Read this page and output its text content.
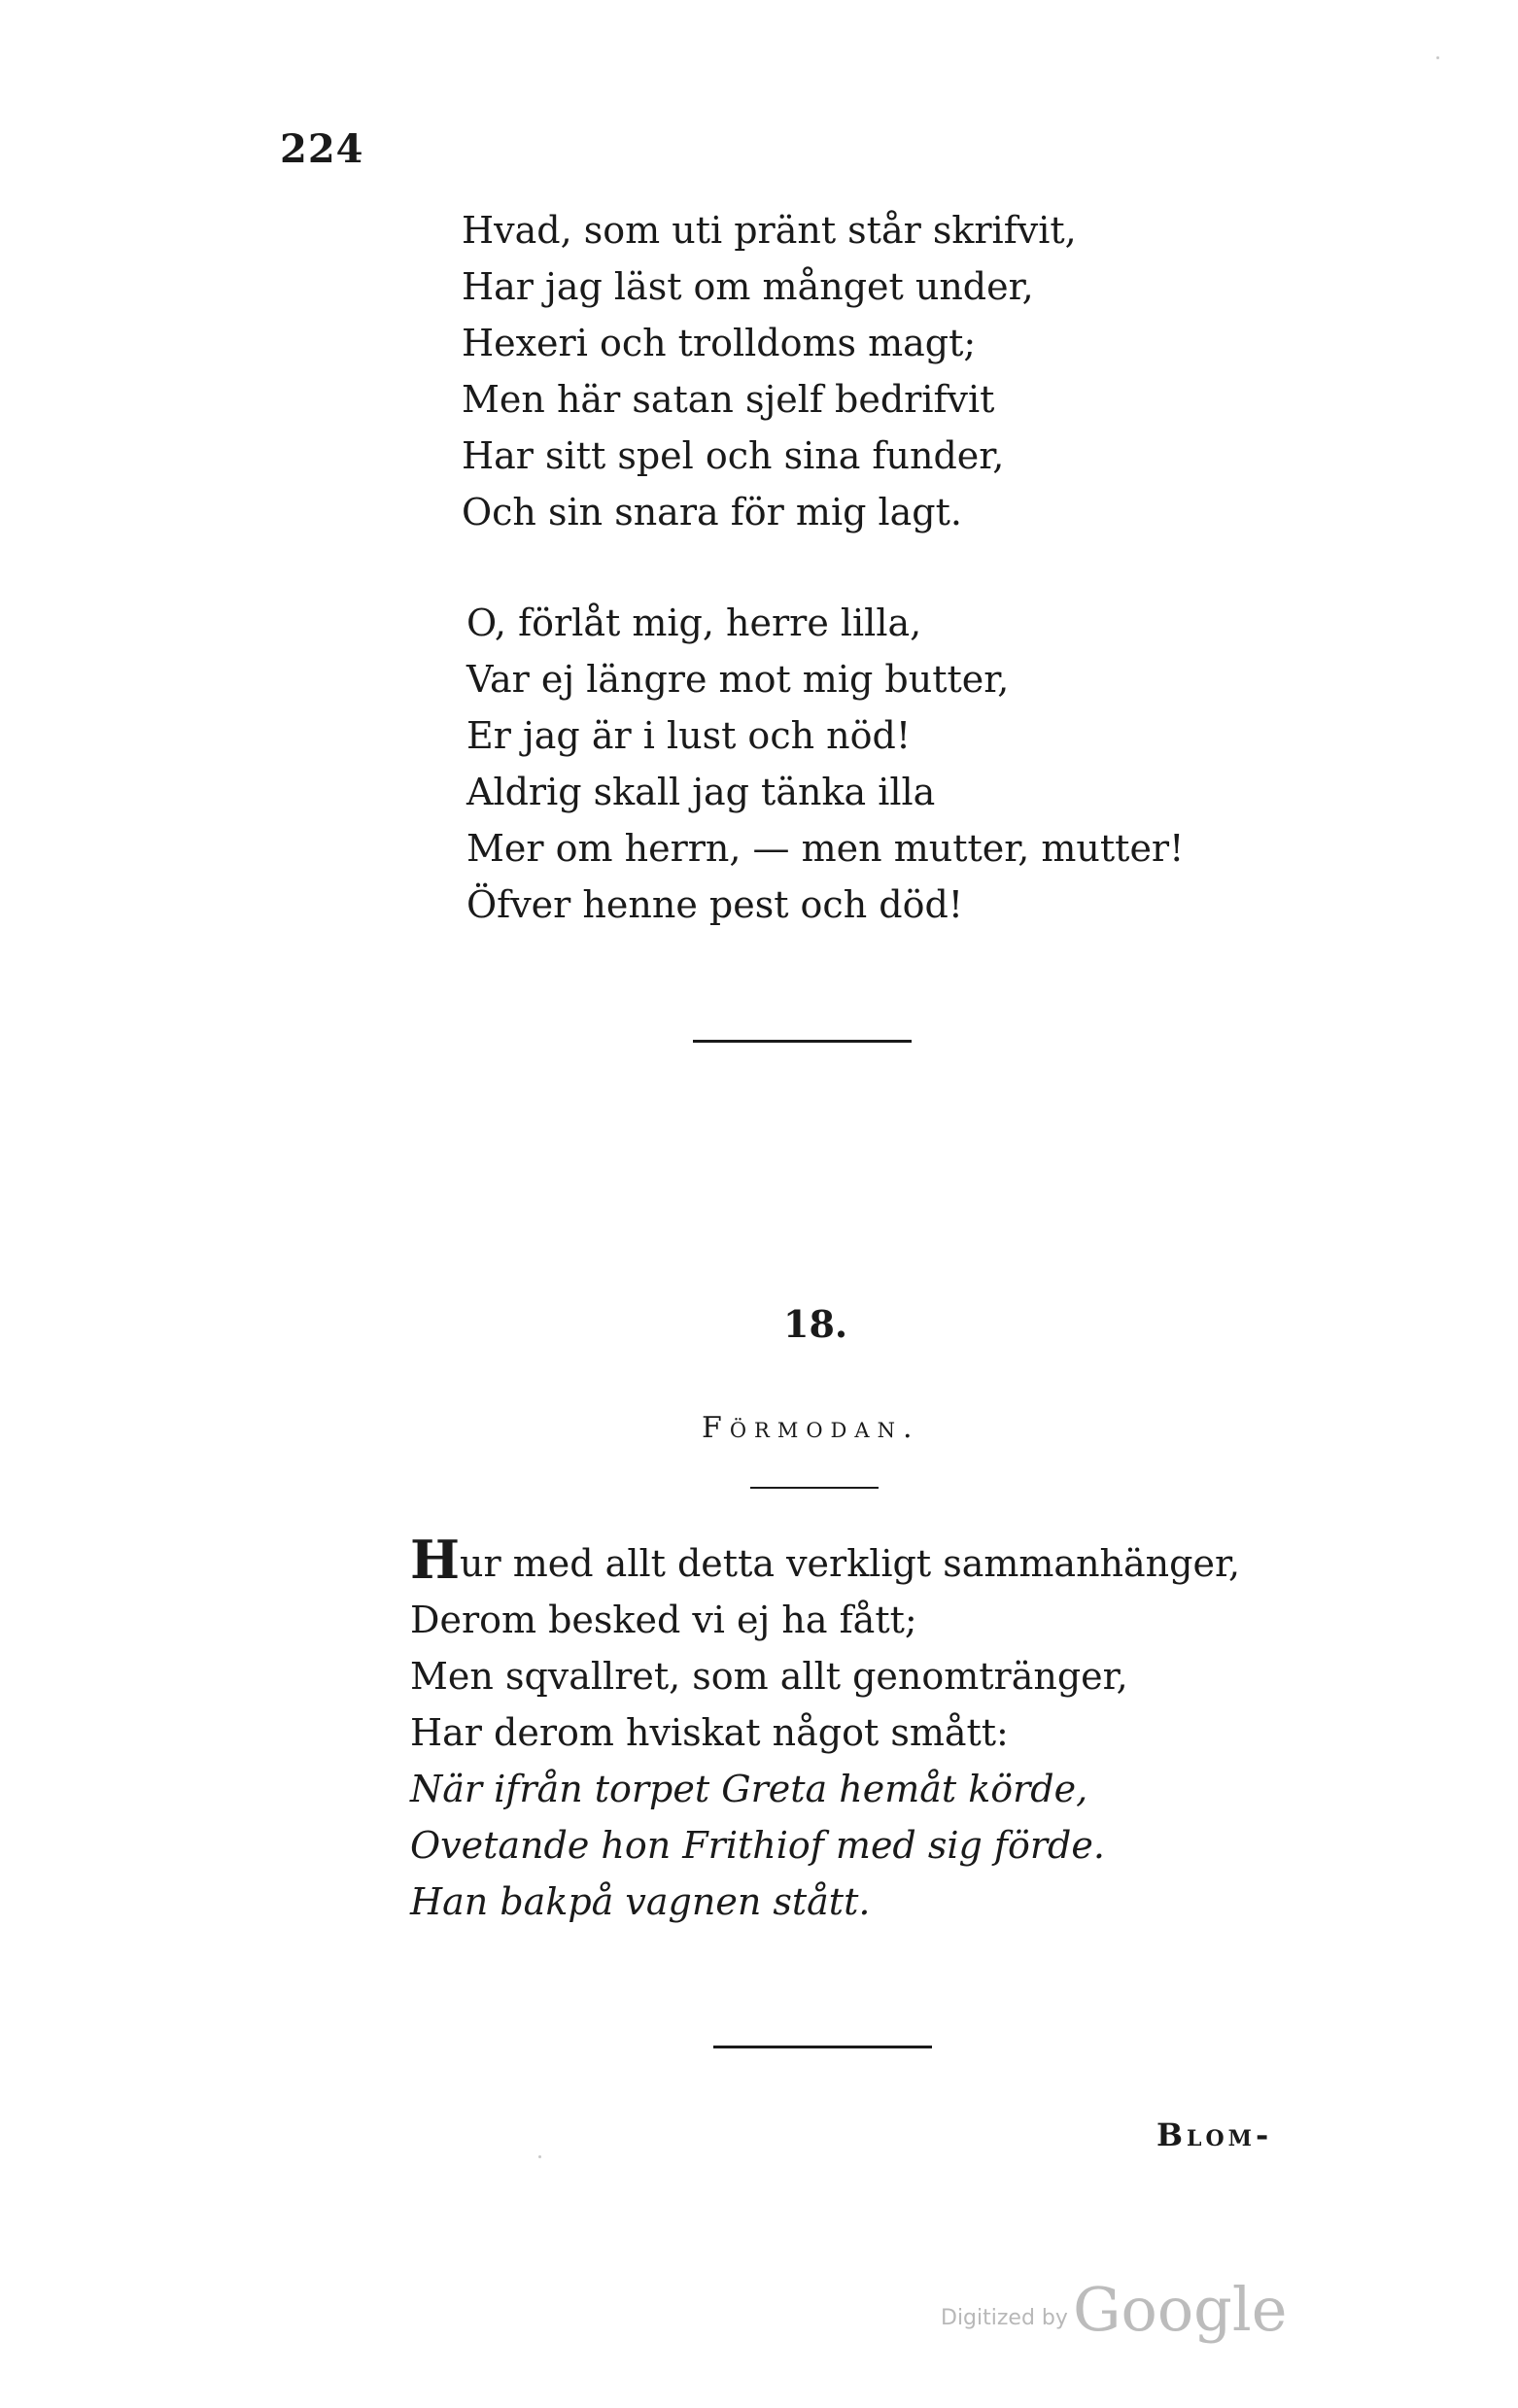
224
Hvad, som uti pränt står skrifvit,
Har jag läst om månget under,
Hexeri och trolldoms magt;
Men här satan sjelf bedrifvit
Har sitt spel och sina funder,
Och sin snara för mig lagt.
O, förlåt mig, herre lilla,
Var ej längre mot mig butter,
Er jag är i lust och nöd!
Aldrig skall jag tänka illa
Mer om herrn, — men mutter, mutter!
Öfver henne pest och död!
18.
Förmodan.
Hur med allt detta verkligt sammanhänger,
Derom besked vi ej ha fått;
Men sqvallret, som allt genomtränger,
Har derom hviskat något smått:
När ifrån torpet Greta hemåt körde,
Ovetande hon Frithiof med sig förde.
Han bakpå vagnen stått.
Blom-
Digitized by Google
